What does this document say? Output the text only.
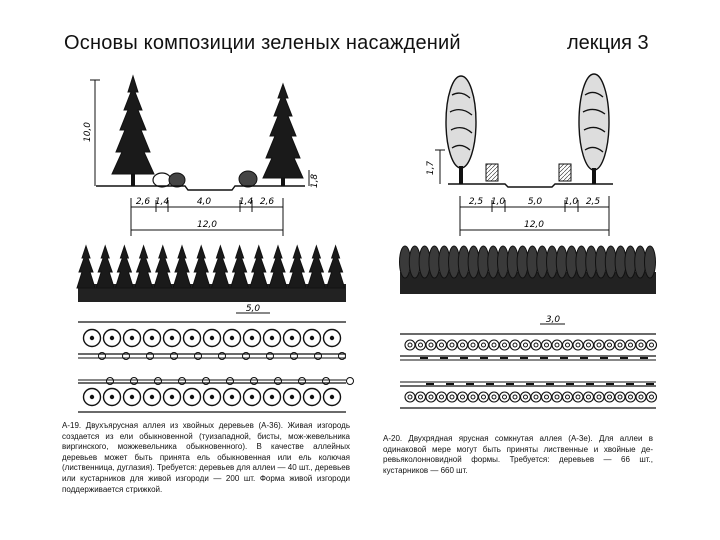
Основы композиции зеленых насаждений	лекция 3
10,0
1,8
2,6 1,4	4,0	1,4 2,6
12,0
5,0
1,7
2,5 1,0	5,0 1,0 2,5
12,0
3,0
А-19. Двухъярусная аллея из хвойных деревьев (А-36). Живая изгородь создается из ели обыкновенной (туизападной, бисты, мож-жевельника виргинского, можжевельника обыкновенного). В качестве аллейных деревьев может быть принята ель обыкновенная или ель колючая (лиственница, дуглазия). Требуется: деревьев для аллеи — 40 шт., деревьев или кустарников для живой изгороди — 200 шт. Форма живой изгороди поддерживается стрижкой.
А-20. Двухрядная ярусная сомкнутая аллея (А-3е). Для аллеи в одинаковой мере могут быть приняты лиственные и хвойные де-ревьяколонновидной формы. Требуется: деревьев — 66 шт., кустарников — 660 шт.
